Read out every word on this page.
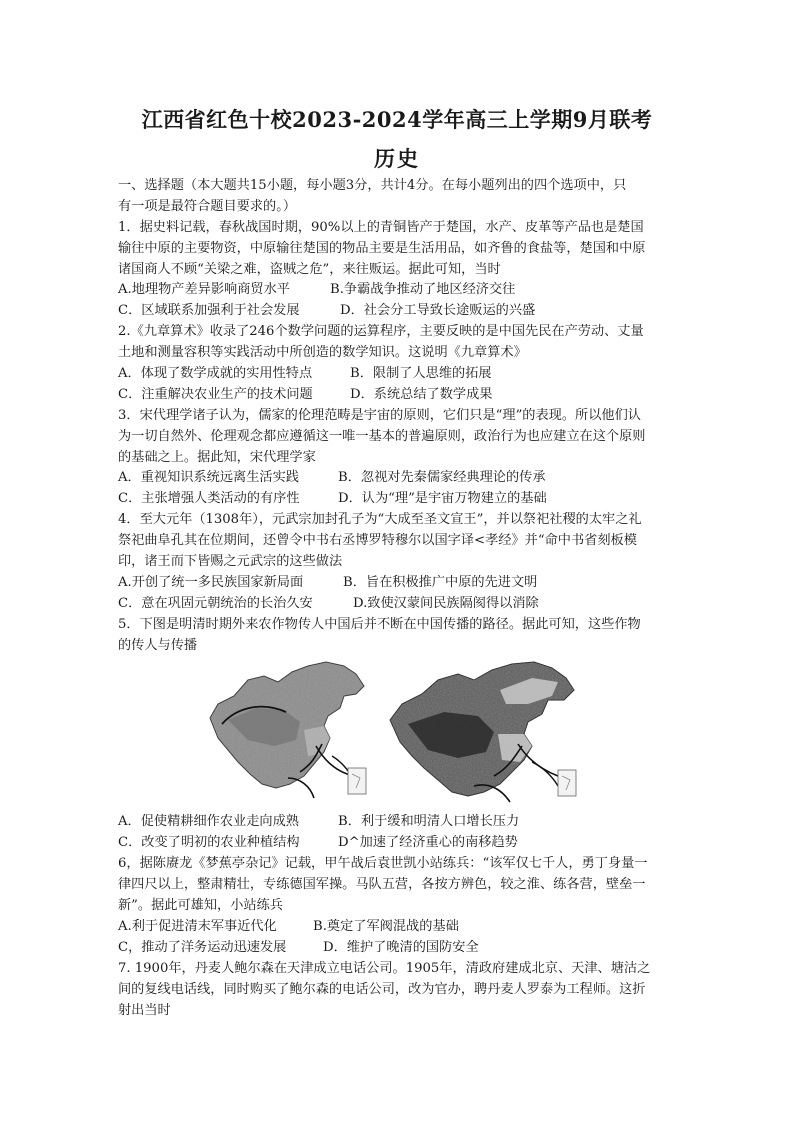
江西省红色十校2023-2024学年高三上学期9月联考
历史
一、选择题（本大题共15小题，每小题3分，共计4分。在每小题列出的四个选项中，只
有一项是最符合题目要求的。）
1．据史料记载，春秋战国时期，90%以上的青铜皆产于楚国，水产、皮革等产品也是楚国
输往中原的主要物资，中原输往楚国的物品主要是生活用品，如齐鲁的食盐等，楚国和中原
诸国商人不顾“关梁之难，盗贼之危”，来往贩运。据此可知，当时
A.地理物产差异影响商贸水平	B.争霸战争推动了地区经济交往
C．区域联系加强利于社会发展	D．社会分工导致长途贩运的兴盛
2.《九章算术》收录了246个数学问题的运算程序，主要反映的是中国先民在产劳动、丈量
土地和测量容积等实践活动中所创造的数学知识。这说明《九章算术》
A．体现了数学成就的实用性特点	B．限制了人思维的拓展
C．注重解决农业生产的技术问题	D．系统总结了数学成果
3．宋代理学诸子认为，儒家的伦理范畴是宇宙的原则，它们只是“理”的表现。所以他们认
为一切自然外、伦理观念都应遵循这一唯一基本的普遍原则，政治行为也应建立在这个原则
的基础之上。据此知，宋代理学家
A．重视知识系统远离生活实践	B．忽视对先秦儒家经典理论的传承
C．主张增强人类活动的有序性	D．认为“理”是宇宙万物建立的基础
4．至大元年（1308年），元武宗加封孔子为“大成至圣文宣王”，并以祭祀社稷的太牢之礼
祭祀曲阜孔其在位期间，还曾令中书右丞博罗特穆尔以国字译<孝经》并“命中书省刻板模
印，诸王而下皆赐之元武宗的这些做法
A.开创了统一多民族国家新局面	B．旨在积极推广中原的先进文明
C．意在巩固元朝统治的长治久安	D.致使汉蒙间民族隔阂得以消除
5．下图是明清时期外来农作物传人中国后并不断在中国传播的路径。据此可知，这些作物
的传人与传播
A．促使精耕细作农业走向成熟	B．利于缓和明清人口增长压力
C．改变了明初的农业种植结构	D^加速了经济重心的南移趋势
6，据陈赓龙《梦蕉亭杂记》记载，甲午战后袁世凯小站练兵：“该军仅七千人，勇丁身量一
律四尺以上，整肃精壮，专练德国军操。马队五营，各按方辨色，较之淮、练各营，壁垒一
新”。据此可雄知，小站练兵
A.利于促进清末军事近代化	B.奠定了军阀混战的基础
C，推动了洋务运动迅速发展	D．维护了晚清的国防安全
7. 1900年，丹麦人鲍尔森在天津成立电话公司。1905年，清政府建成北京、天津、塘沽之
间的复线电话线，同时购买了鲍尔森的电话公司，改为官办，聘丹麦人罗泰为工程师。这折
射出当时
